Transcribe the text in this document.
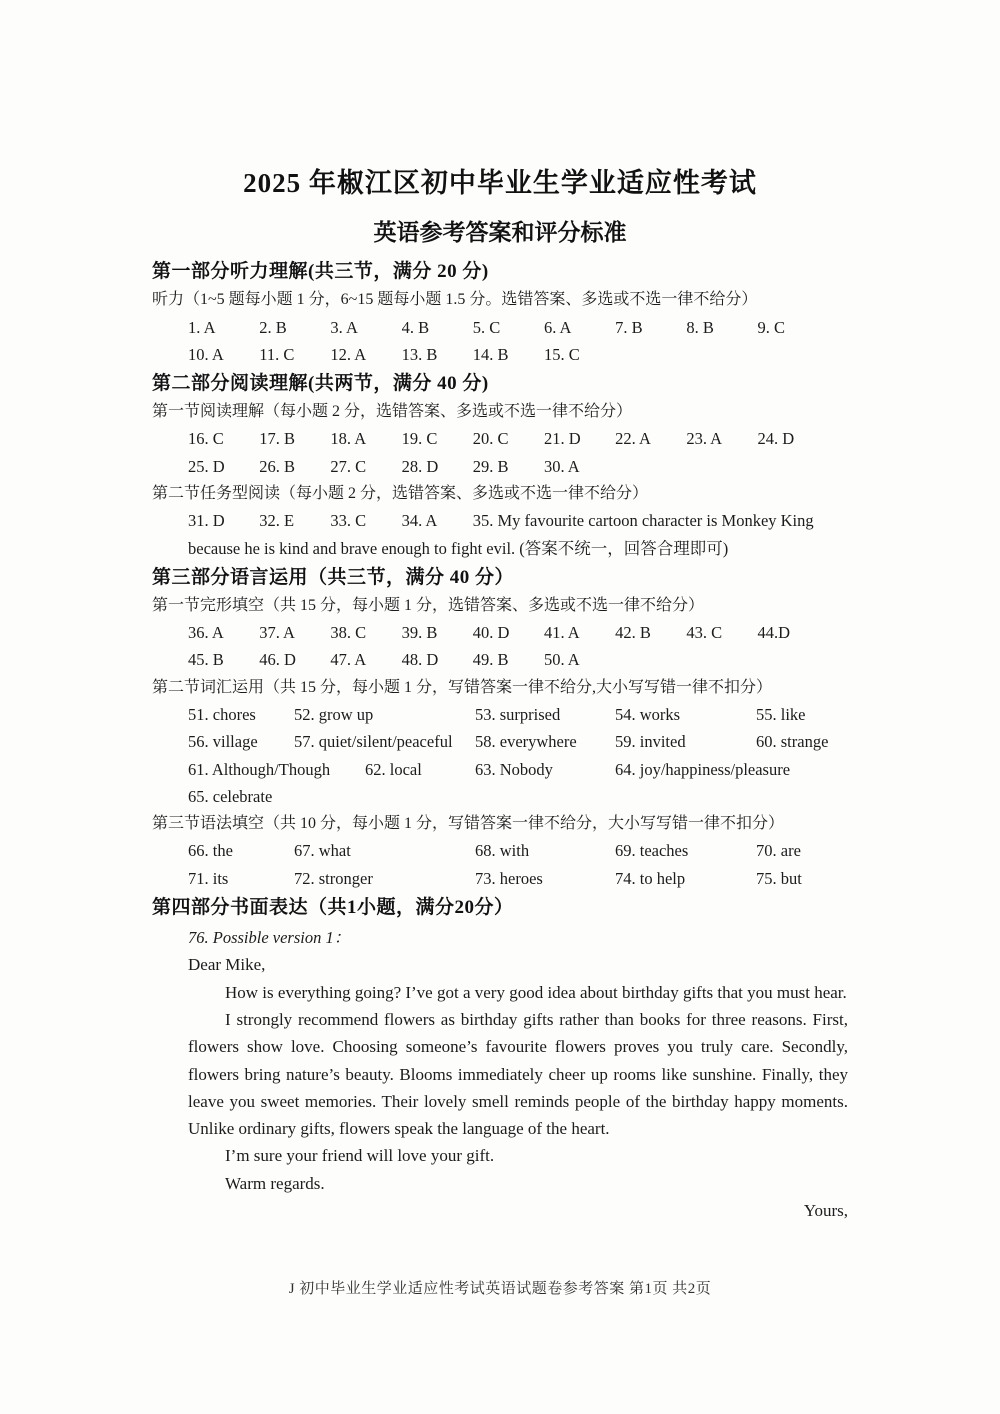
2025 年椒江区初中毕业生学业适应性考试
英语参考答案和评分标准
第一部分听力理解(共三节，满分 20 分)
听力（1~5 题每小题 1 分，6~15 题每小题 1.5 分。选错答案、多选或不选一律不给分）
1. A	2. B	3. A	4. B	5. C	6. A	7. B	8. B	9. C
10. A 11. C 12. A 13. B 14. B 15. C
第二部分阅读理解(共两节，满分 40 分)
第一节阅读理解（每小题 2 分，选错答案、多选或不选一律不给分）
16. C 17. B 18. A 19. C 20. C 21. D 22. A 23. A 24. D
25. D 26. B 27. C 28. D 29. B 30. A
第二节任务型阅读（每小题 2 分，选错答案、多选或不选一律不给分）
31. D 32. E 33. C 34. A 35. My favourite cartoon character is Monkey King
because he is kind and brave enough to fight evil. (答案不统一，回答合理即可)
第三部分语言运用（共三节，满分 40 分）
第一节完形填空（共 15 分，每小题 1 分，选错答案、多选或不选一律不给分）
36. A 37. A 38. C 39. B 40. D 41. A 42. B 43. C 44.D
45. B 46. D 47. A 48. D 49. B 50. A
第二节词汇运用（共 15 分，每小题 1 分，写错答案一律不给分,大小写写错一律不扣分）
51. chores 52. grow up	53. surprised	54. works	55. like
56. village 57. quiet/silent/peaceful 58. everywhere 59. invited	60. strange
61. Although/Though 62. local	63. Nobody	64. joy/happiness/pleasure
65. celebrate
第三节语法填空（共 10 分，每小题 1 分，写错答案一律不给分，大小写写错一律不扣分）
66. the	67. what	68. with	69. teaches	70. are
71. its	72. stronger	73. heroes	74. to help	75. but
第四部分书面表达（共1小题，满分20分）
76. Possible version 1：

Dear Mike,

How is everything going? I’ve got a very good idea about birthday gifts that you must hear.

I strongly recommend flowers as birthday gifts rather than books for three reasons. First, flowers show love. Choosing someone’s favourite flowers proves you truly care. Secondly, flowers bring nature’s beauty. Blooms immediately cheer up rooms like sunshine. Finally, they leave you sweet memories. Their lovely smell reminds people of the birthday happy moments. Unlike ordinary gifts, flowers speak the language of the heart.

I’m sure your friend will love your gift.

Warm regards.

Yours,

J 初中毕业生学业适应性考试英语试题卷参考答案 第1页 共2页
